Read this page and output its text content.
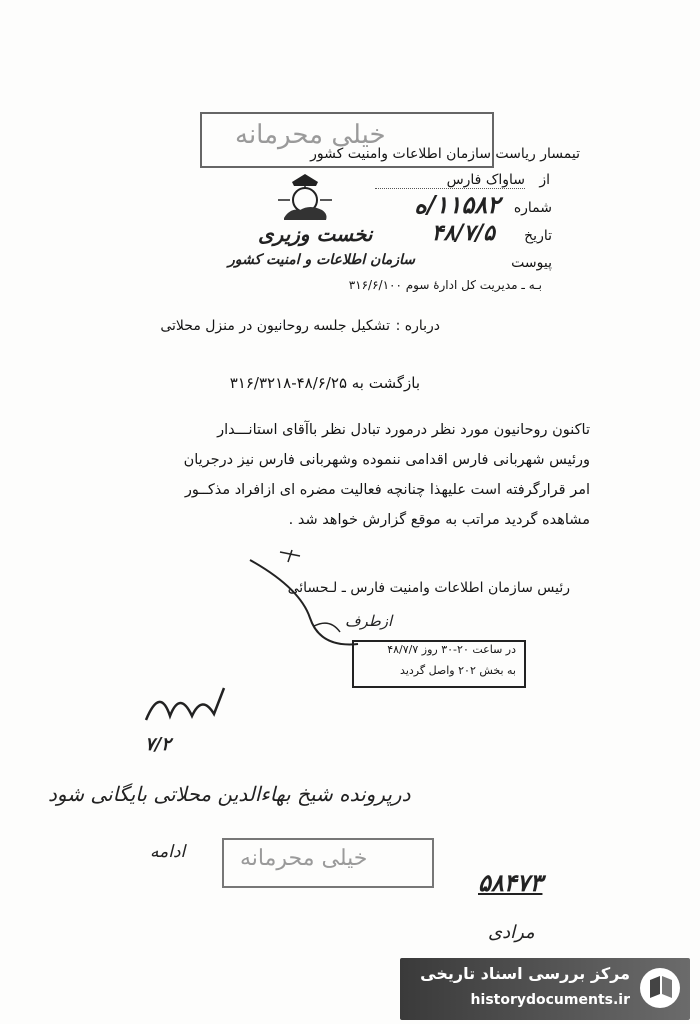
خیلی محرمانه
تیمسار ریاست سازمان اطلاعات وامنیت کشور
از
ساواک فارس
نخست وزیری
سازمان اطلاعات و امنیت کشور
شماره
۱۱۵۸۲/ه
تاریخ
۴۸/۷/۵
پیوست
بـه ـ مدیریت کل ادارۀ سوم ۳۱۶/۶/۱۰۰
درباره :
تشکیل جلسه روحانیون در منزل محلاتی
بازگشت به ۴۸/۶/۲۵-۳۱۶/۳۲۱۸
تاکنون روحانیون مورد نظر درمورد تبادل نظر باآقای استانـــدار
ورئیس شهربانی فارس اقدامی ننموده وشهربانی فارس نیز درجریان
امر قرارگرفته است علیهذا چنانچه فعالیت مضره ای ازافراد مذکــور
مشاهده گردید مراتب به موقع گزارش خواهد شد .
رئیس سازمان اطلاعات وامنیت فارس ـ لـحسائی
ازطرف
در ساعت ۲۰-۳۰ روز ۴۸/۷/۷
به بخش ۲۰۲ واصل گردید
۷/۲
درپرونده شیخ بهاءالدین محلاتی بایگانی شود
ادامه خیلی محرمانه
۵۸۴۷۳
مرادی
مرکز بررسی اسناد تاریخی
historydocuments.ir
